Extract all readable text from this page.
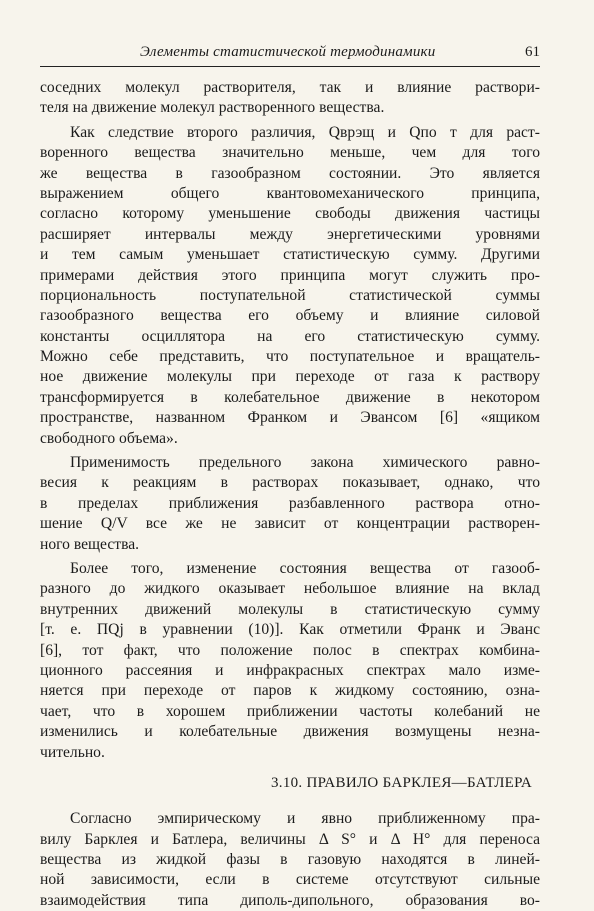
Элементы статистической термодинамики	61
соседних молекул растворителя, так и влияние раствори-
теля на движение молекул растворенного вещества.
Как следствие второго различия, Qврэщ и Qпо т для раст-
воренного вещества значительно меньше, чем для того
же вещества в газообразном состоянии. Это является
выражением общего квантовомеханического принципа,
согласно которому уменьшение свободы движения частицы
расширяет интервалы между энергетическими уровнями
и тем самым уменьшает статистическую сумму. Другими
примерами действия этого принципа могут служить про-
порциональность поступательной статистической суммы
газообразного вещества его объему и влияние силовой
константы осциллятора на его статистическую сумму.
Можно себе представить, что поступательное и вращатель-
ное движение молекулы при переходе от газа к раствору
трансформируется в колебательное движение в некотором
пространстве, названном Франком и Эвансом [6] «ящиком
свободного объема».
Применимость предельного закона химического равно-
весия к реакциям в растворах показывает, однако, что
в пределах приближения разбавленного раствора отно-
шение Q/V все же не зависит от концентрации растворен-
ного вещества.
Более того, изменение состояния вещества от газооб-
разного до жидкого оказывает небольшое влияние на вклад
внутренних движений молекулы в статистическую сумму
[т. е. ПQj в уравнении (10)]. Как отметили Франк и Эванс
[6], тот факт, что положение полос в спектрах комбина-
ционного рассеяния и инфракрасных спектрах мало изме-
няется при переходе от паров к жидкому состоянию, озна-
чает, что в хорошем приближении частоты колебаний не
изменились и колебательные движения возмущены незна-
чительно.
3.10. ПРАВИЛО БАРКЛЕЯ—БАТЛЕРА
Согласно эмпирическому и явно приближенному пра-
вилу Барклея и Батлера, величины Δ S° и Δ H° для переноса
вещества из жидкой фазы в газовую находятся в линей-
ной зависимости, если в системе отсутствуют сильные
взаимодействия типа диполь-дипольного, образования во-
